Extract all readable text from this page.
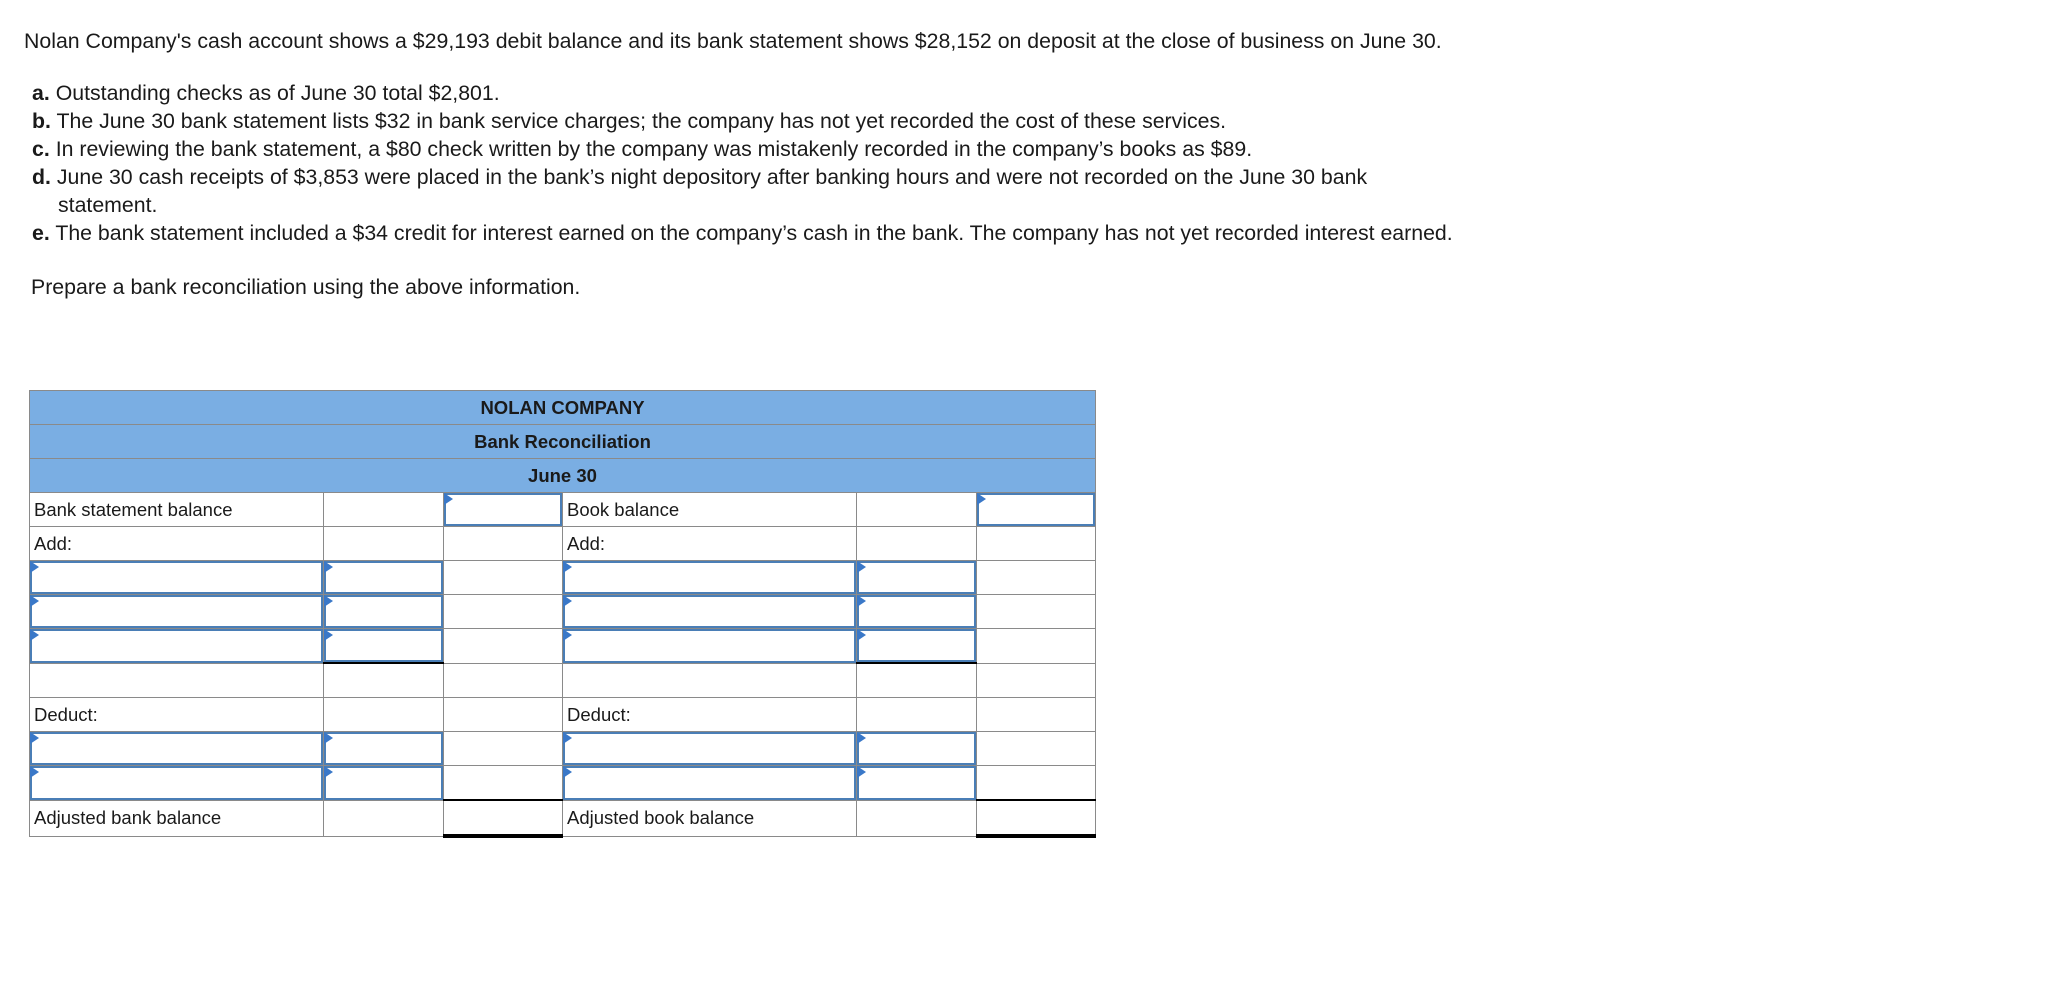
Nolan Company's cash account shows a $29,193 debit balance and its bank statement shows $28,152 on deposit at the close of business on June 30.

a. Outstanding checks as of June 30 total $2,801.
b. The June 30 bank statement lists $32 in bank service charges; the company has not yet recorded the cost of these services.
c. In reviewing the bank statement, a $80 check written by the company was mistakenly recorded in the company’s books as $89.
d. June 30 cash receipts of $3,853 were placed in the bank’s night depository after banking hours and were not recorded on the June 30 bank statement.
e. The bank statement included a $34 credit for interest earned on the company’s cash in the bank. The company has not yet recorded interest earned.

Prepare a bank reconciliation using the above information.

NOLAN COMPANY					
Bank Reconciliation					
June 30					
Bank statement balance			Book balance		

Add:			Add:		

Deduct:			Deduct:		

Adjusted bank balance			Adjusted book balance		
